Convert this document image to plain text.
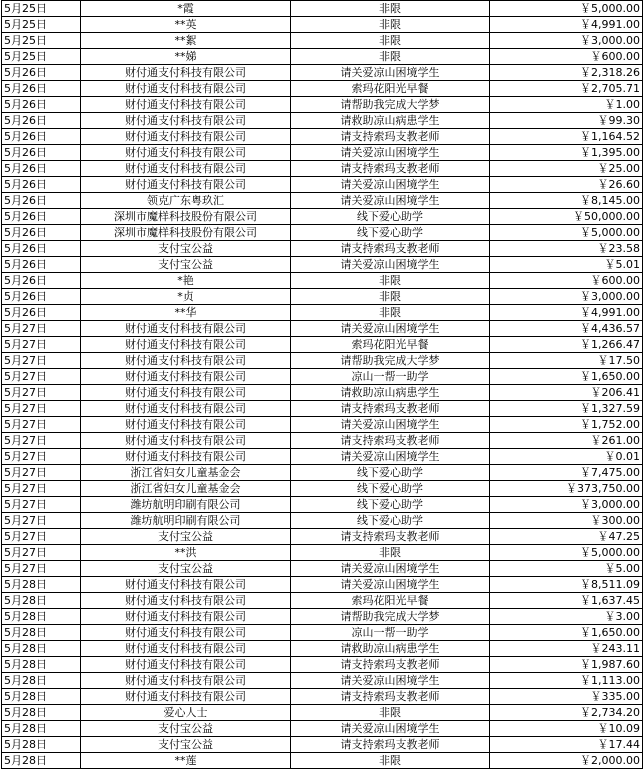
5月25日	*霞	非限	￥5,000.00
5月25日	**英	非限	￥4,991.00
5月25日	**絮	非限	￥3,000.00
5月25日	**娣	非限	￥600.00
5月26日	财付通支付科技有限公司	请关爱凉山困境学生	￥2,318.26
5月26日	财付通支付科技有限公司	索玛花阳光早餐	￥2,705.71
5月26日	财付通支付科技有限公司	请帮助我完成大学梦	￥1.00
5月26日	财付通支付科技有限公司	请救助凉山病患学生	￥99.30
5月26日	财付通支付科技有限公司	请支持索玛支教老师	￥1,164.52
5月26日	财付通支付科技有限公司	请关爱凉山困境学生	￥1,395.00
5月26日	财付通支付科技有限公司	请支持索玛支教老师	￥25.00
5月26日	财付通支付科技有限公司	请关爱凉山困境学生	￥26.60
5月26日	领克广东粤玖汇	请关爱凉山困境学生	￥8,145.00
5月26日	深圳市魔样科技股份有限公司	线下爱心助学	￥50,000.00
5月26日	深圳市魔样科技股份有限公司	线下爱心助学	￥5,000.00
5月26日	支付宝公益	请支持索玛支教老师	￥23.58
5月26日	支付宝公益	请关爱凉山困境学生	￥5.01
5月26日	*艳	非限	￥600.00
5月26日	*贞	非限	￥3,000.00
5月26日	**华	非限	￥4,991.00
5月27日	财付通支付科技有限公司	请关爱凉山困境学生	￥4,436.57
5月27日	财付通支付科技有限公司	索玛花阳光早餐	￥1,266.47
5月27日	财付通支付科技有限公司	请帮助我完成大学梦	￥17.50
5月27日	财付通支付科技有限公司	凉山一帮一助学	￥1,650.00
5月27日	财付通支付科技有限公司	请救助凉山病患学生	￥206.41
5月27日	财付通支付科技有限公司	请支持索玛支教老师	￥1,327.59
5月27日	财付通支付科技有限公司	请关爱凉山困境学生	￥1,752.00
5月27日	财付通支付科技有限公司	请支持索玛支教老师	￥261.00
5月27日	财付通支付科技有限公司	请关爱凉山困境学生	￥0.01
5月27日	浙江省妇女儿童基金会	线下爱心助学	￥7,475.00
5月27日	浙江省妇女儿童基金会	线下爱心助学	￥373,750.00
5月27日	潍坊航明印刷有限公司	线下爱心助学	￥3,000.00
5月27日	潍坊航明印刷有限公司	线下爱心助学	￥300.00
5月27日	支付宝公益	请支持索玛支教老师	￥47.25
5月27日	**洪	非限	￥5,000.00
5月27日	支付宝公益	请关爱凉山困境学生	￥5.00
5月28日	财付通支付科技有限公司	请关爱凉山困境学生	￥8,511.09
5月28日	财付通支付科技有限公司	索玛花阳光早餐	￥1,637.45
5月28日	财付通支付科技有限公司	请帮助我完成大学梦	￥3.00
5月28日	财付通支付科技有限公司	凉山一帮一助学	￥1,650.00
5月28日	财付通支付科技有限公司	请救助凉山病患学生	￥243.11
5月28日	财付通支付科技有限公司	请支持索玛支教老师	￥1,987.60
5月28日	财付通支付科技有限公司	请关爱凉山困境学生	￥1,113.00
5月28日	财付通支付科技有限公司	请支持索玛支教老师	￥335.00
5月28日	爱心人士	非限	￥2,734.20
5月28日	支付宝公益	请关爱凉山困境学生	￥10.09
5月28日	支付宝公益	请支持索玛支教老师	￥17.44
5月28日	**莲	非限	￥2,000.00
